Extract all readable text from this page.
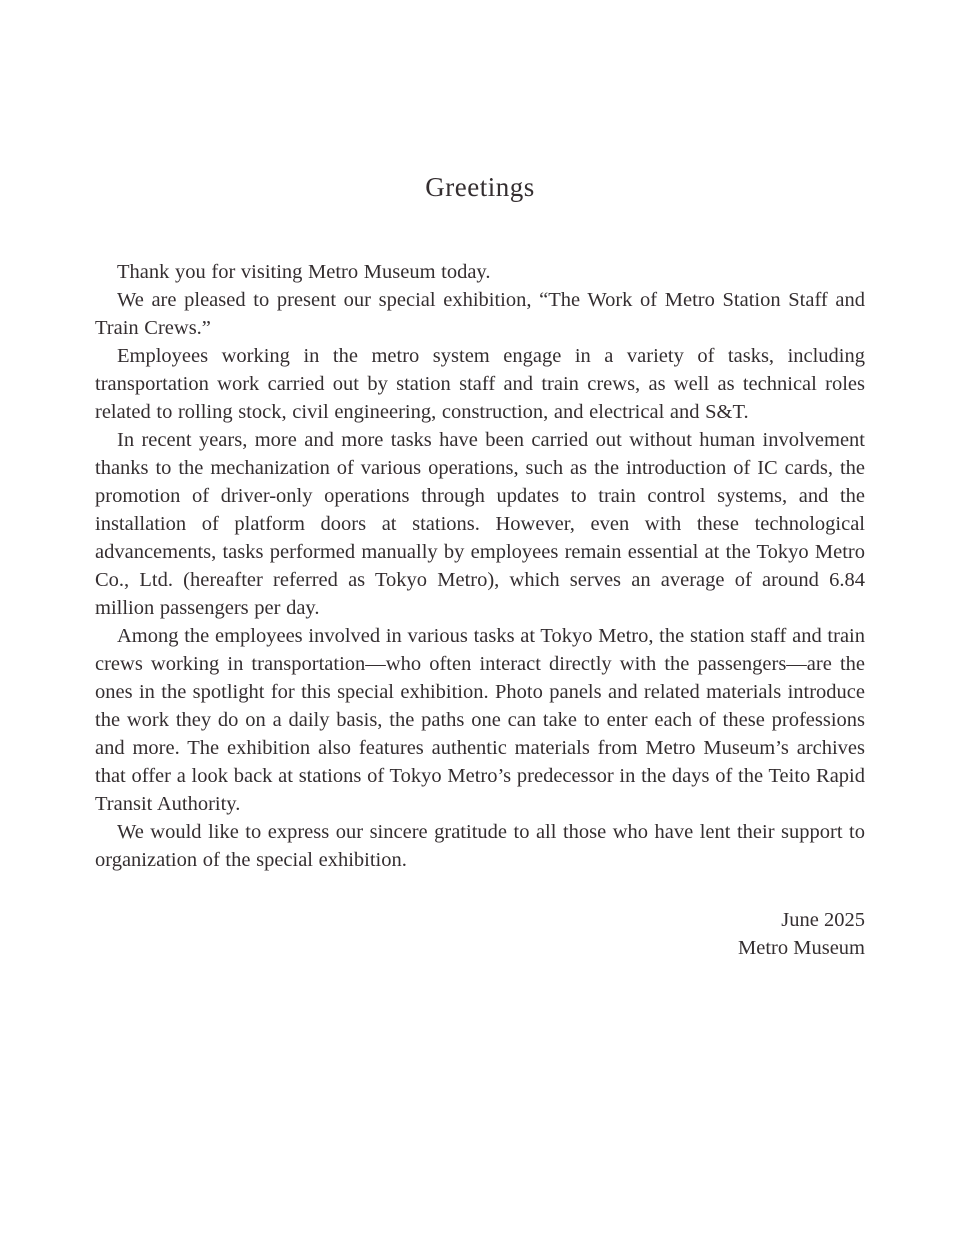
Greetings

Thank you for visiting Metro Museum today.

We are pleased to present our special exhibition, “The Work of Metro Station Staff and Train Crews.”

Employees working in the metro system engage in a variety of tasks, including transportation work carried out by station staff and train crews, as well as technical roles related to rolling stock, civil engineering, construction, and electrical and S&T.

In recent years, more and more tasks have been carried out without human involvement thanks to the mechanization of various operations, such as the introduction of IC cards, the promotion of driver-only operations through updates to train control systems, and the installation of platform doors at stations. However, even with these technological advancements, tasks performed manually by employees remain essential at the Tokyo Metro Co., Ltd. (hereafter referred as Tokyo Metro), which serves an average of around 6.84 million passengers per day.

Among the employees involved in various tasks at Tokyo Metro, the station staff and train crews working in transportation—who often interact directly with the passengers—are the ones in the spotlight for this special exhibition. Photo panels and related materials introduce the work they do on a daily basis, the paths one can take to enter each of these professions and more. The exhibition also features authentic materials from Metro Museum’s archives that offer a look back at stations of Tokyo Metro’s predecessor in the days of the Teito Rapid Transit Authority.

We would like to express our sincere gratitude to all those who have lent their support to organization of the special exhibition.

June 2025
Metro Museum
